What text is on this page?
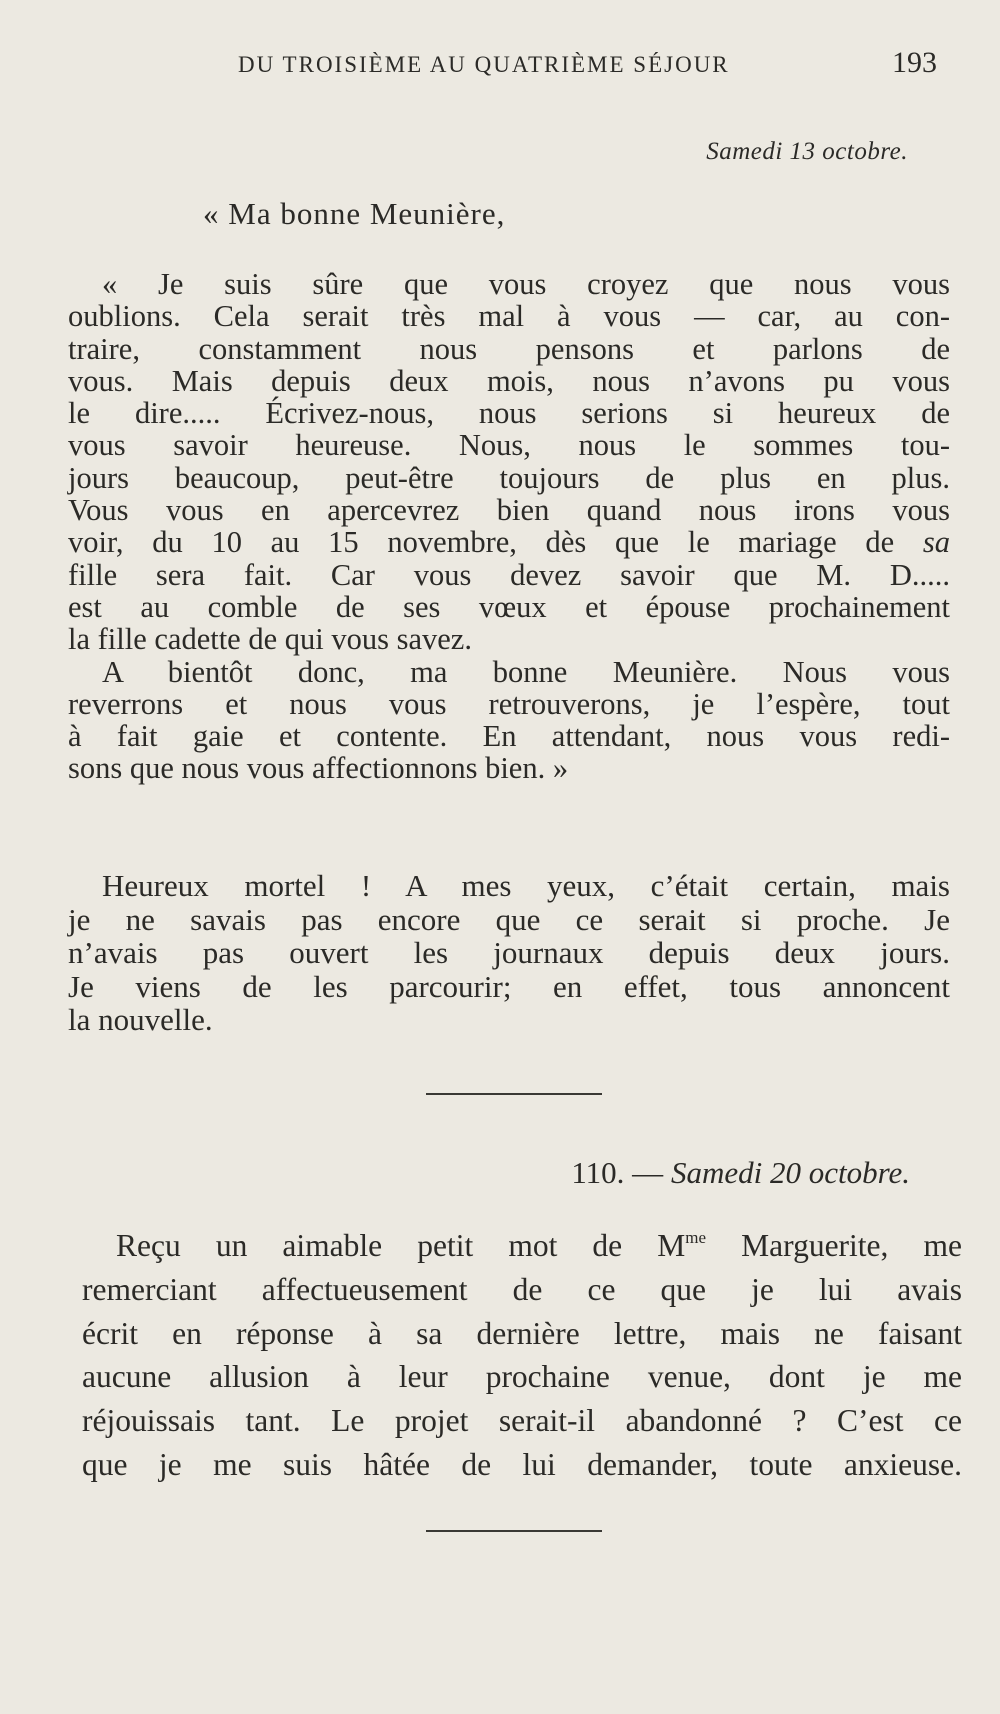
DU TROISIÈME AU QUATRIÈME SÉJOUR	193
Samedi 13 octobre.
« Ma bonne Meunière,
« Je suis sûre que vous croyez que nous vous
oublions. Cela serait très mal à vous — car, au con-
traire, constamment nous pensons et parlons de
vous. Mais depuis deux mois, nous n’avons pu vous
le dire..... Écrivez-nous, nous serions si heureux de
vous savoir heureuse. Nous, nous le sommes tou-
jours beaucoup, peut-être toujours de plus en plus.
Vous vous en apercevrez bien quand nous irons vous
voir, du 10 au 15 novembre, dès que le mariage de sa
fille sera fait. Car vous devez savoir que M. D.....
est au comble de ses vœux et épouse prochainement
la fille cadette de qui vous savez.
A bientôt donc, ma bonne Meunière. Nous vous
reverrons et nous vous retrouverons, je l’espère, tout
à fait gaie et contente. En attendant, nous vous redi-
sons que nous vous affectionnons bien. »
Heureux mortel ! A mes yeux, c’était certain, mais
je ne savais pas encore que ce serait si proche. Je
n’avais pas ouvert les journaux depuis deux jours.
Je viens de les parcourir; en effet, tous annoncent
la nouvelle.
110. — Samedi 20 octobre.
Reçu un aimable petit mot de $M^{me}$ Marguerite, me
remerciant affectueusement de ce que je lui avais
écrit en réponse à sa dernière lettre, mais ne faisant
aucune allusion à leur prochaine venue, dont je me
réjouissais tant. Le projet serait-il abandonné ? C’est ce
que je me suis hâtée de lui demander, toute anxieuse.
